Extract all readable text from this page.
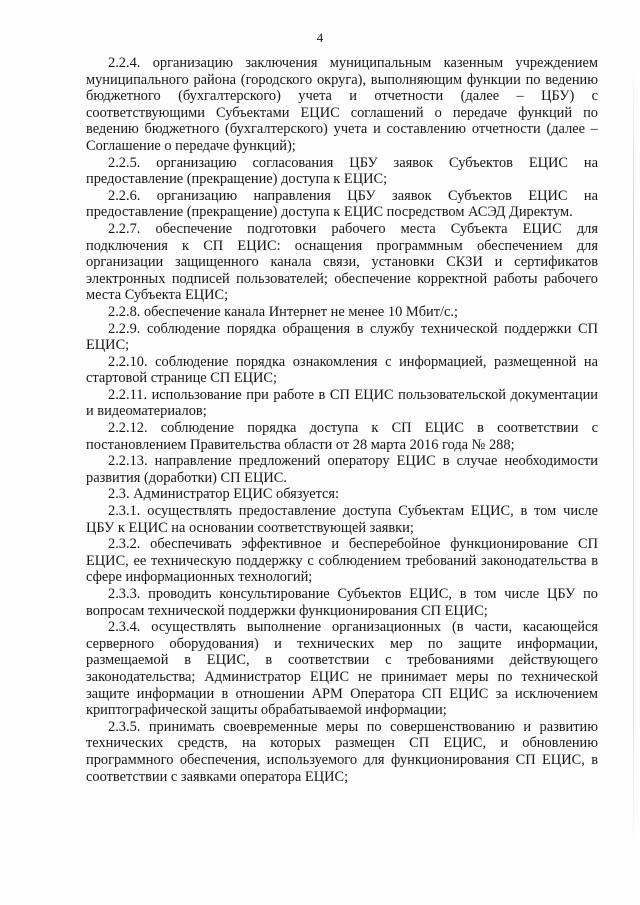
4

2.2.4. организацию заключения муниципальным казенным учреждением муниципального района (городского округа), выполняющим функции по ведению бюджетного (бухгалтерского) учета и отчетности (далее – ЦБУ) с соответствующими Субъектами ЕЦИС соглашений о передаче функций по ведению бюджетного (бухгалтерского) учета и составлению отчетности (далее – Соглашение о передаче функций);

2.2.5. организацию согласования ЦБУ заявок Субъектов ЕЦИС на предоставление (прекращение) доступа к ЕЦИС;

2.2.6. организацию направления ЦБУ заявок Субъектов ЕЦИС на предоставление (прекращение) доступа к ЕЦИС посредством АСЭД Директум.

2.2.7. обеспечение подготовки рабочего места Субъекта ЕЦИС для подключения к СП ЕЦИС: оснащения программным обеспечением для организации защищенного канала связи, установки СКЗИ и сертификатов электронных подписей пользователей; обеспечение корректной работы рабочего места Субъекта ЕЦИС;

2.2.8. обеспечение канала Интернет не менее 10 Мбит/с.;

2.2.9. соблюдение порядка обращения в службу технической поддержки СП ЕЦИС;

2.2.10. соблюдение порядка ознакомления с информацией, размещенной на стартовой странице СП ЕЦИС;

2.2.11. использование при работе в СП ЕЦИС пользовательской документации и видеоматериалов;

2.2.12. соблюдение порядка доступа к СП ЕЦИС в соответствии с постановлением Правительства области от 28 марта 2016 года № 288;

2.2.13. направление предложений оператору ЕЦИС в случае необходимости развития (доработки) СП ЕЦИС.

2.3. Администратор ЕЦИС обязуется:

2.3.1. осуществлять предоставление доступа Субъектам ЕЦИС, в том числе ЦБУ к ЕЦИС на основании соответствующей заявки;

2.3.2. обеспечивать эффективное и бесперебойное функционирование СП ЕЦИС, ее техническую поддержку с соблюдением требований законодательства в сфере информационных технологий;

2.3.3. проводить консультирование Субъектов ЕЦИС, в том числе ЦБУ по вопросам технической поддержки функционирования СП ЕЦИС;

2.3.4. осуществлять выполнение организационных (в части, касающейся серверного оборудования) и технических мер по защите информации, размещаемой в ЕЦИС, в соответствии с требованиями действующего законодательства; Администратор ЕЦИС не принимает меры по технической защите информации в отношении АРМ Оператора СП ЕЦИС за исключением криптографической защиты обрабатываемой информации;

2.3.5. принимать своевременные меры по совершенствованию и развитию технических средств, на которых размещен СП ЕЦИС, и обновлению программного обеспечения, используемого для функционирования СП ЕЦИС, в соответствии с заявками оператора ЕЦИС;
